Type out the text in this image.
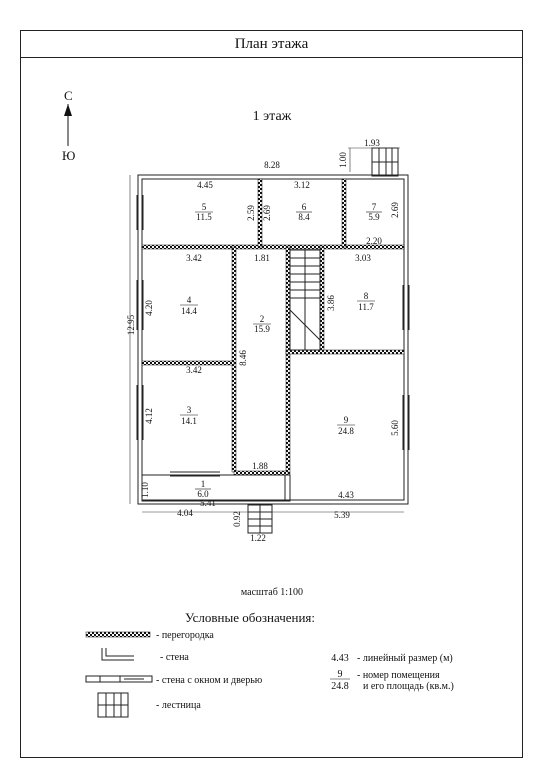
План этажа
С
Ю
1 этаж
8.28
1.93
1.00
4.45	3.12
2.59 2.69	2.69
2.20
3.42	1.81	3.03
4.20
12.95
3.86
3.42
8.46
4.12
5.60
1.88
1.10
5.41
4.43
4.04	5.39
0.92
1.22
1
6.0
2
15.9
3
14.1
4
14.4
5
11.5
6
8.4
7
5.9
8
11.7
9
24.8
масштаб 1:100
Условные обозначения:
- перегородка
- стена
- стена с окном и дверью
- лестница
4.43 - линейный размер (м)
9
24.8
- номер помещения
и его площадь (кв.м.)
